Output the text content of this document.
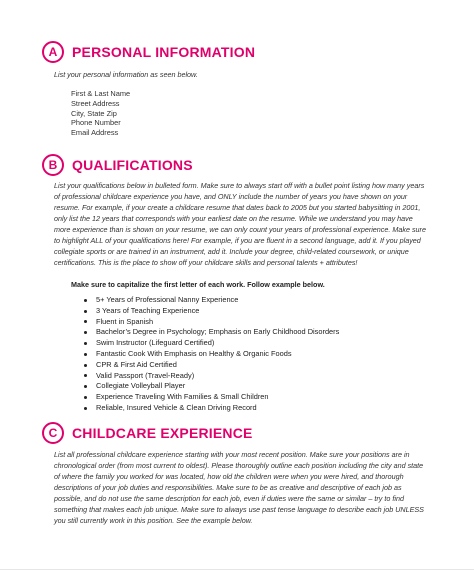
A	PERSONAL INFORMATION
List your personal information as seen below.
First & Last Name
Street Address
City, State Zip
Phone Number
Email Address
B	QUALIFICATIONS
List your qualifications below in bulleted form. Make sure to always start off with a bullet point listing how many years of professional childcare experience you have, and ONLY include the number of years you have shown on your resume. For example, if your create a childcare resume that dates back to 2005 but you started babysitting in 2001, only list the 12 years that corresponds with your earliest date on the resume. While we understand you may have more experience than is shown on your resume, we can only count your years of professional experience. Make sure to highlight ALL of your qualifications here! For example, if you are fluent in a second language, add it. If you played collegiate sports or are trained in an instrument, add it. Include your degree, child-related coursework, or unique certifications. This is the place to show off your childcare skills and personal talents + attributes!
Make sure to capitalize the first letter of each work. Follow example below.
5+ Years of Professional Nanny Experience
3 Years of Teaching Experience
Fluent in Spanish
Bachelor’s Degree in Psychology; Emphasis on Early Childhood Disorders
Swim Instructor (Lifeguard Certified)
Fantastic Cook With Emphasis on Healthy & Organic Foods
CPR & First Aid Certified
Valid Passport (Travel-Ready)
Collegiate Volleyball Player
Experience Traveling With Families & Small Children
Reliable, Insured Vehicle & Clean Driving Record
C	CHILDCARE EXPERIENCE
List all professional childcare experience starting with your most recent position. Make sure your positions are in chronological order (from most current to oldest). Please thoroughly outline each position including the city and state of where the family you worked for was located, how old the children were when you were hired, and thorough descriptions of your job duties and responsibilities. Make sure to be as creative and descriptive of each job as possible, and do not use the same description for each job, even if duties were the same or similar – try to find something that makes each job unique. Make sure to always use past tense language to describe each job UNLESS you still currently work in this position. See the example below.
